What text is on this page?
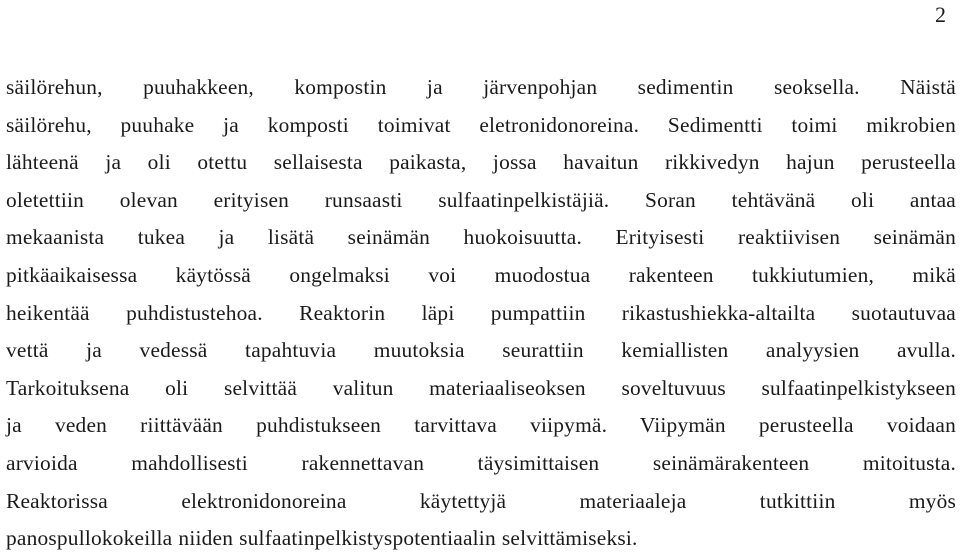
2

säilörehun, puuhakkeen, kompostin ja järvenpohjan sedimentin seoksella. Näistä
säilörehu, puuhake ja komposti toimivat eletronidonoreina. Sedimentti toimi mikrobien
lähteenä ja oli otettu sellaisesta paikasta, jossa havaitun rikkivedyn hajun perusteella
oletettiin olevan erityisen runsaasti sulfaatinpelkistäjiä. Soran tehtävänä oli antaa
mekaanista tukea ja lisätä seinämän huokoisuutta. Erityisesti reaktiivisen seinämän
pitkäaikaisessa käytössä ongelmaksi voi muodostua rakenteen tukkiutumien, mikä
heikentää puhdistustehoa. Reaktorin läpi pumpattiin rikastushiekka-altailta suotautuvaa
vettä ja vedessä tapahtuvia muutoksia seurattiin kemiallisten analyysien avulla.
Tarkoituksena oli selvittää valitun materiaaliseoksen soveltuvuus sulfaatinpelkistykseen
ja veden riittävään puhdistukseen tarvittava viipymä. Viipymän perusteella voidaan
arvioida mahdollisesti rakennettavan täysimittaisen seinämärakenteen mitoitusta.
Reaktorissa elektronidonoreina käytettyjä materiaaleja tutkittiin myös
panospullokokeilla niiden sulfaatinpelkistyspotentiaalin selvittämiseksi.
